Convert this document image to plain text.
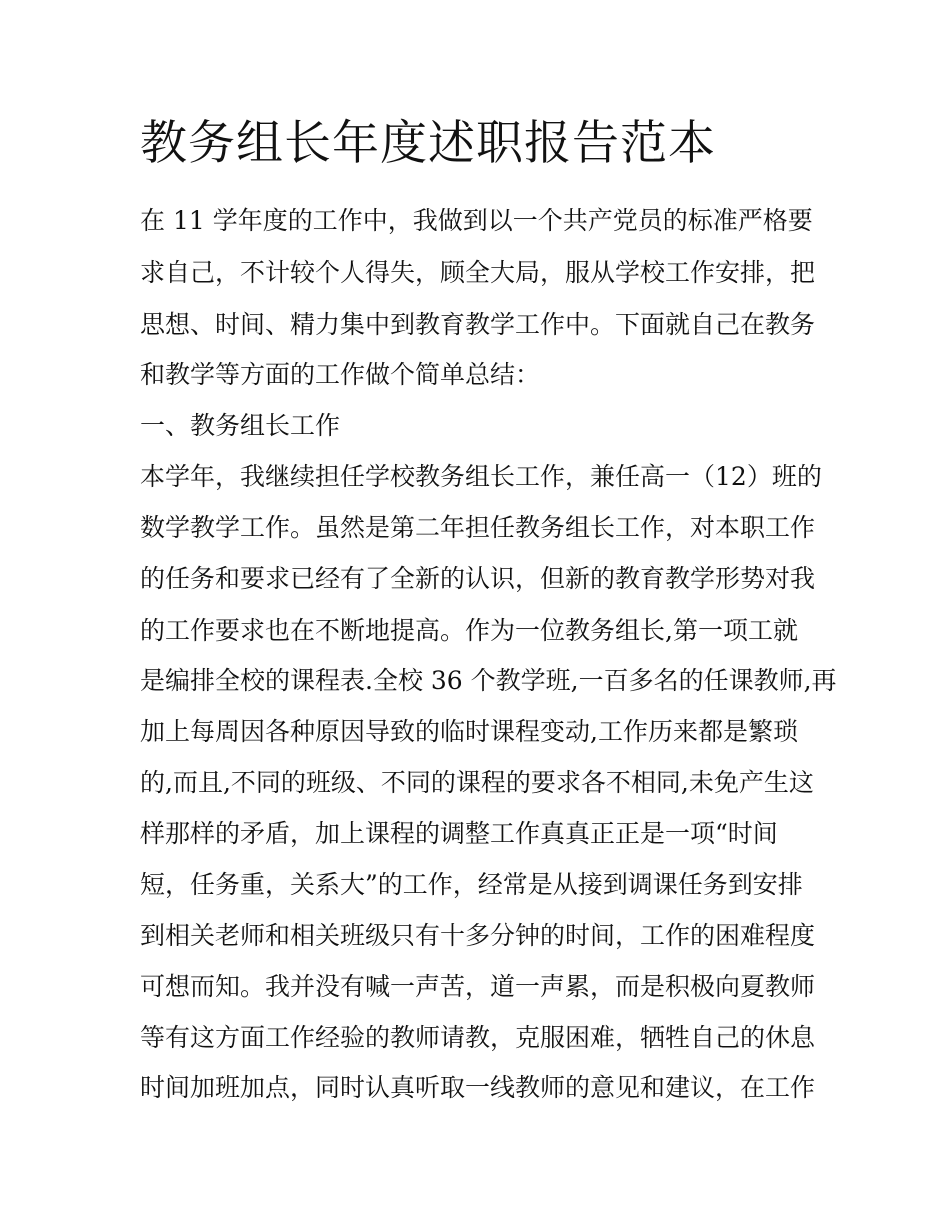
教务组长年度述职报告范本

在 11 学年度的工作中，我做到以一个共产党员的标准严格要

求自己，不计较个人得失，顾全大局，服从学校工作安排，把

思想、时间、精力集中到教育教学工作中。下面就自己在教务

和教学等方面的工作做个简单总结：

一、教务组长工作

本学年，我继续担任学校教务组长工作，兼任高一（12）班的

数学教学工作。虽然是第二年担任教务组长工作，对本职工作

的任务和要求已经有了全新的认识，但新的教育教学形势对我

的工作要求也在不断地提高。作为一位教务组长,第一项工就

是编排全校的课程表.全校 36 个教学班,一百多名的任课教师,再

加上每周因各种原因导致的临时课程变动,工作历来都是繁琐

的,而且,不同的班级、不同的课程的要求各不相同,未免产生这

样那样的矛盾，加上课程的调整工作真真正正是一项“时间

短，任务重，关系大”的工作，经常是从接到调课任务到安排

到相关老师和相关班级只有十多分钟的时间，工作的困难程度

可想而知。我并没有喊一声苦，道一声累，而是积极向夏教师

等有这方面工作经验的教师请教，克服困难，牺牲自己的休息

时间加班加点，同时认真听取一线教师的意见和建议，在工作
